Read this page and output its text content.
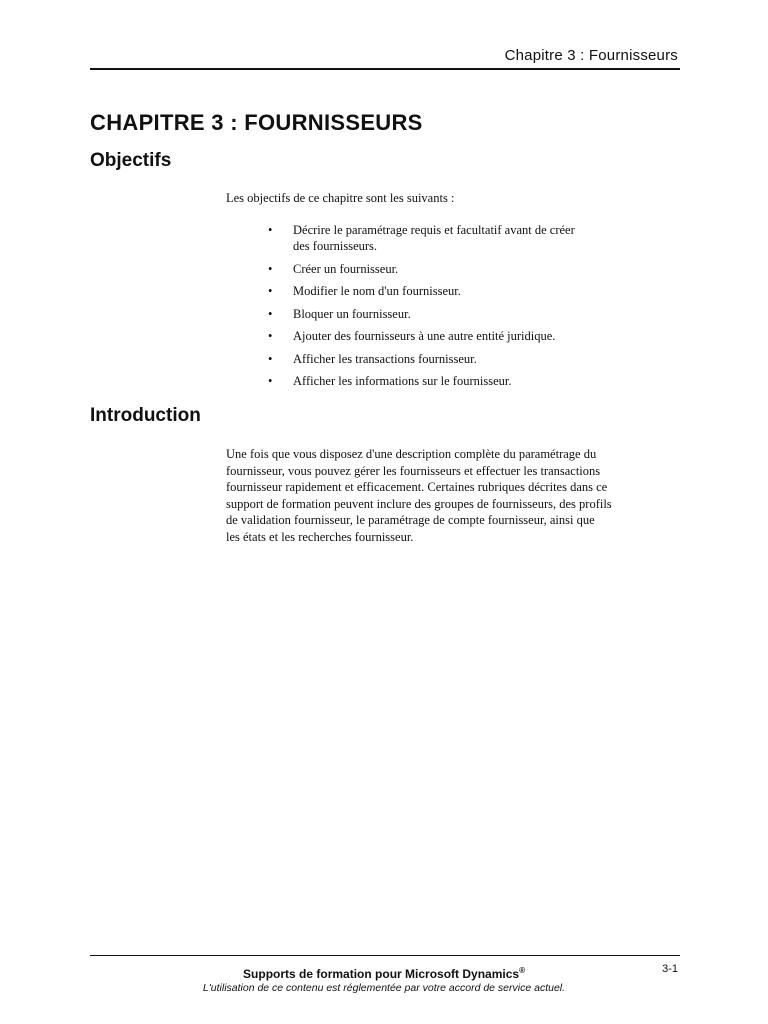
Chapitre 3 : Fournisseurs
CHAPITRE 3 : FOURNISSEURS
Objectifs

Les objectifs de ce chapitre sont les suivants :

• Décrire le paramétrage requis et facultatif avant de créer
des fournisseurs.
• Créer un fournisseur.
• Modifier le nom d'un fournisseur.
• Bloquer un fournisseur.
• Ajouter des fournisseurs à une autre entité juridique.
• Afficher les transactions fournisseur.
• Afficher les informations sur le fournisseur.
Introduction

Une fois que vous disposez d'une description complète du paramétrage du
fournisseur, vous pouvez gérer les fournisseurs et effectuer les transactions
fournisseur rapidement et efficacement. Certaines rubriques décrites dans ce
support de formation peuvent inclure des groupes de fournisseurs, des profils
de validation fournisseur, le paramétrage de compte fournisseur, ainsi que
les états et les recherches fournisseur.

Supports de formation pour Microsoft Dynamics®
L'utilisation de ce contenu est réglementée par votre accord de service actuel.
3-1
